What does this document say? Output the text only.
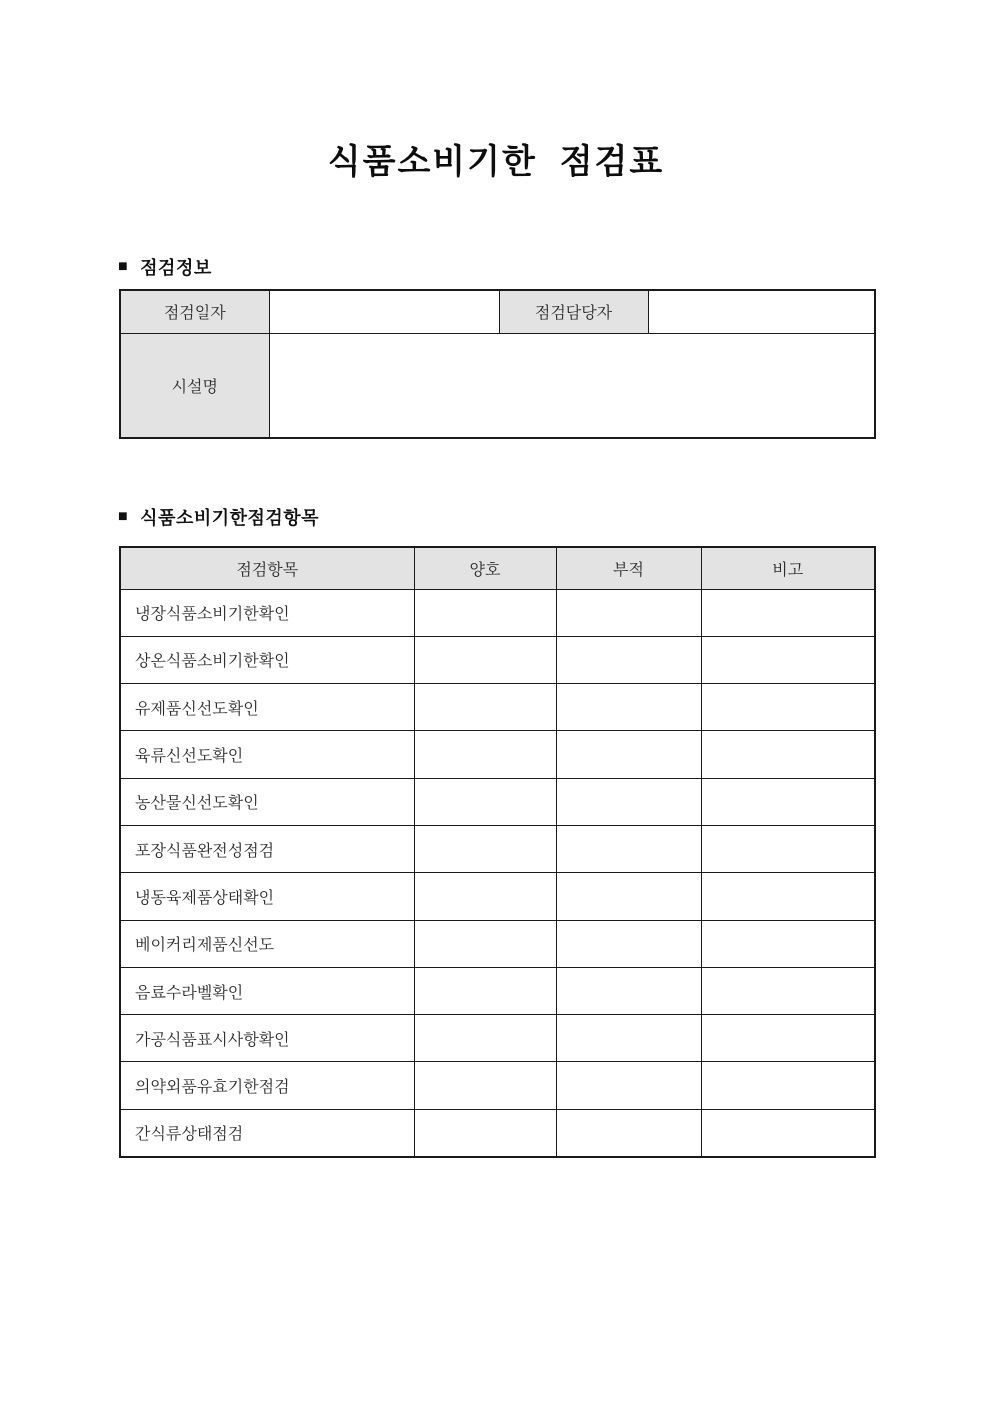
식품소비기한  점검표
■ 점검정보
점검일자		점검담당자	
시설명			
■ 식품소비기한점검항목
점검항목	양호	부적	비고
냉장식품소비기한확인			
상온식품소비기한확인			
유제품신선도확인			
육류신선도확인			
농산물신선도확인			
포장식품완전성점검			
냉동육제품상태확인			
베이커리제품신선도			
음료수라벨확인			
가공식품표시사항확인			
의약외품유효기한점검			
간식류상태점검			
